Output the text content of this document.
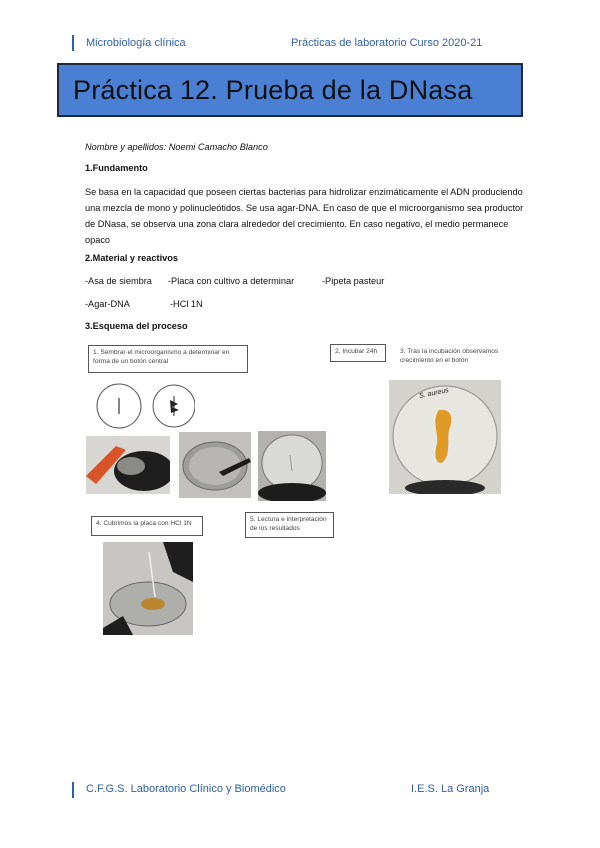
Microbiología clínica	Prácticas de laboratorio Curso 2020-21
Práctica 12. Prueba de la DNasa
Nombre y apellidos: Noemi Camacho Blanco
1.Fundamento
Se basa en la capacidad que poseen ciertas bacterias para hidrolizar enzimáticamente el ADN produciendo una mezcla de mono y polinucleótidos. Se usa agar-DNA. En caso de que el microorganismo sea productor de DNasa, se observa una zona clara alrededor del crecimiento. En caso negativo, el medio permanece opaco
2.Material y reactivos
-Asa de siembra -Placa con cultivo a determinar	-Pipeta pasteur
-Agar-DNA	-HCl 1N
3.Esquema del proceso
1. Sembrar el microorganismo a determinar en forma de un botón central
2. Incubar 24h	3. Tras la incubación observamos crecimiento en el botón
4. Cubrimos la placa con HCl 1N
5. Lectura e interpretación de los resultados
S. aureus
C.F.G.S. Laboratorio Clínico y Biomédico	I.E.S. La Granja
